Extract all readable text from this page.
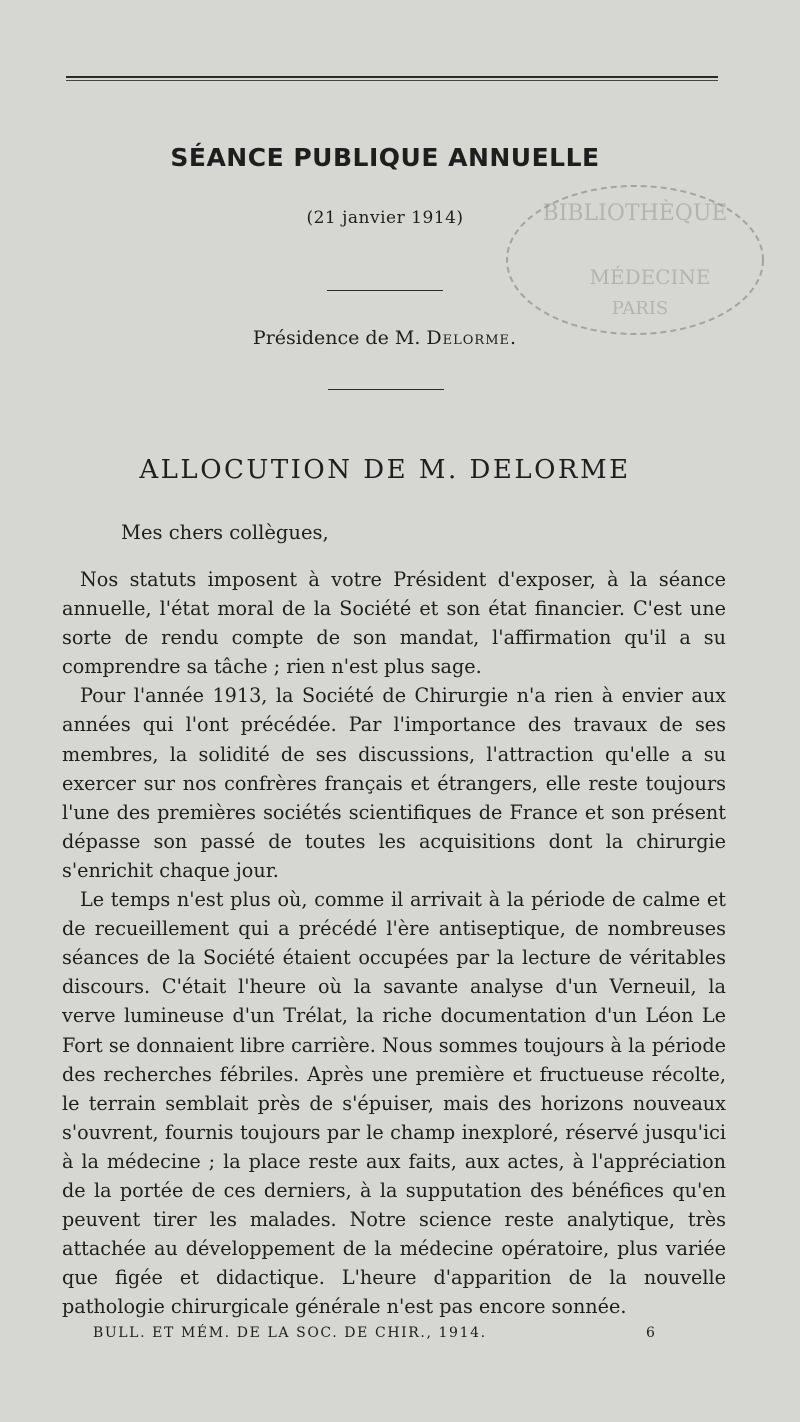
SÉANCE PUBLIQUE ANNUELLE
(21 janvier 1914)
Présidence de M. Delorme.
ALLOCUTION DE M. DELORME
Mes chers collègues,

Nos statuts imposent à votre Président d'exposer, à la séance annuelle, l'état moral de la Société et son état financier. C'est une sorte de rendu compte de son mandat, l'affirmation qu'il a su comprendre sa tâche ; rien n'est plus sage.

Pour l'année 1913, la Société de Chirurgie n'a rien à envier aux années qui l'ont précédée. Par l'importance des travaux de ses membres, la solidité de ses discussions, l'attraction qu'elle a su exercer sur nos confrères français et étrangers, elle reste toujours l'une des premières sociétés scientifiques de France et son présent dépasse son passé de toutes les acquisitions dont la chirurgie s'enrichit chaque jour.

Le temps n'est plus où, comme il arrivait à la période de calme et de recueillement qui a précédé l'ère antiseptique, de nombreuses séances de la Société étaient occupées par la lecture de véritables discours. C'était l'heure où la savante analyse d'un Verneuil, la verve lumineuse d'un Trélat, la riche documentation d'un Léon Le Fort se donnaient libre carrière. Nous sommes toujours à la période des recherches fébriles. Après une première et fructueuse récolte, le terrain semblait près de s'épuiser, mais des horizons nouveaux s'ouvrent, fournis toujours par le champ inexploré, réservé jusqu'ici à la médecine ; la place reste aux faits, aux actes, à l'appréciation de la portée de ces derniers, à la supputation des bénéfices qu'en peuvent tirer les malades. Notre science reste analytique, très attachée au développement de la médecine opératoire, plus variée que figée et didactique. L'heure d'apparition de la nouvelle pathologie chirurgicale générale n'est pas encore sonnée.

BULL. ET MÉM. DE LA SOC. DE CHIR., 1914.	6
BIBLIOTHÈQUE
MÉDECINE
PARIS
